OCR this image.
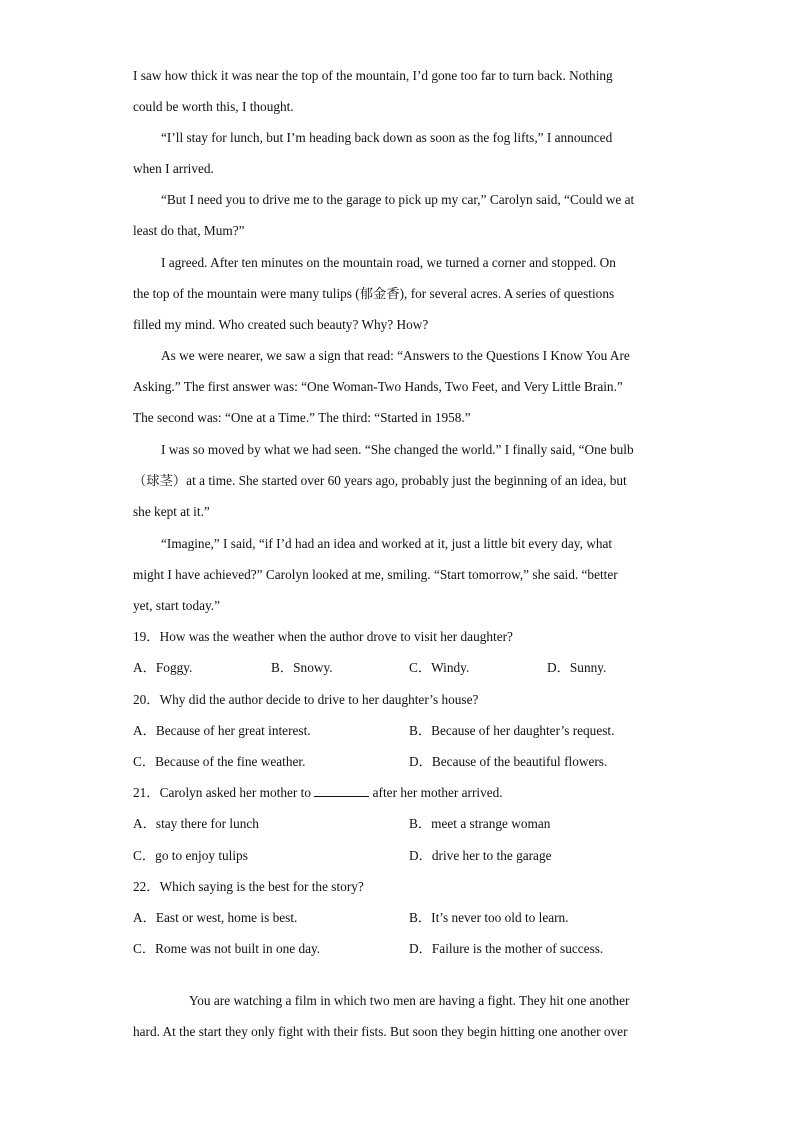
I saw how thick it was near the top of the mountain, I’d gone too far to turn back. Nothing
could be worth this, I thought.
“I’ll stay for lunch, but I’m heading back down as soon as the fog lifts,” I announced
when I arrived.
“But I need you to drive me to the garage to pick up my car,” Carolyn said, “Could we at
least do that, Mum?”
I agreed. After ten minutes on the mountain road, we turned a corner and stopped. On
the top of the mountain were many tulips (郁金香), for several acres. A series of questions
filled my mind. Who created such beauty? Why? How?
As we were nearer, we saw a sign that read: “Answers to the Questions I Know You Are
Asking.” The first answer was: “One Woman-Two Hands, Two Feet, and Very Little Brain.”
The second was: “One at a Time.” The third: “Started in 1958.”
I was so moved by what we had seen. “She changed the world.” I finally said, “One bulb
（球茎）at a time. She started over 60 years ago, probably just the beginning of an idea, but
she kept at it.”
“Imagine,” I said, “if I’d had an idea and worked at it, just a little bit every day, what
might I have achieved?” Carolyn looked at me, smiling. “Start tomorrow,” she said. “better
yet, start today.”
19．How was the weather when the author drove to visit her daughter?
A．Foggy.	B．Snowy.	C．Windy.	D．Sunny.
20．Why did the author decide to drive to her daughter’s house?
A．Because of her great interest.	B．Because of her daughter’s request.
C．Because of the fine weather.	D．Because of the beautiful flowers.
21．Carolyn asked her mother to	after her mother arrived.
A．stay there for lunch	B．meet a strange woman
C．go to enjoy tulips	D．drive her to the garage
22．Which saying is the best for the story?
A．East or west, home is best.	B．It’s never too old to learn.
C．Rome was not built in one day.	D．Failure is the mother of success.
You are watching a film in which two men are having a fight. They hit one another
hard. At the start they only fight with their fists. But soon they begin hitting one another over
